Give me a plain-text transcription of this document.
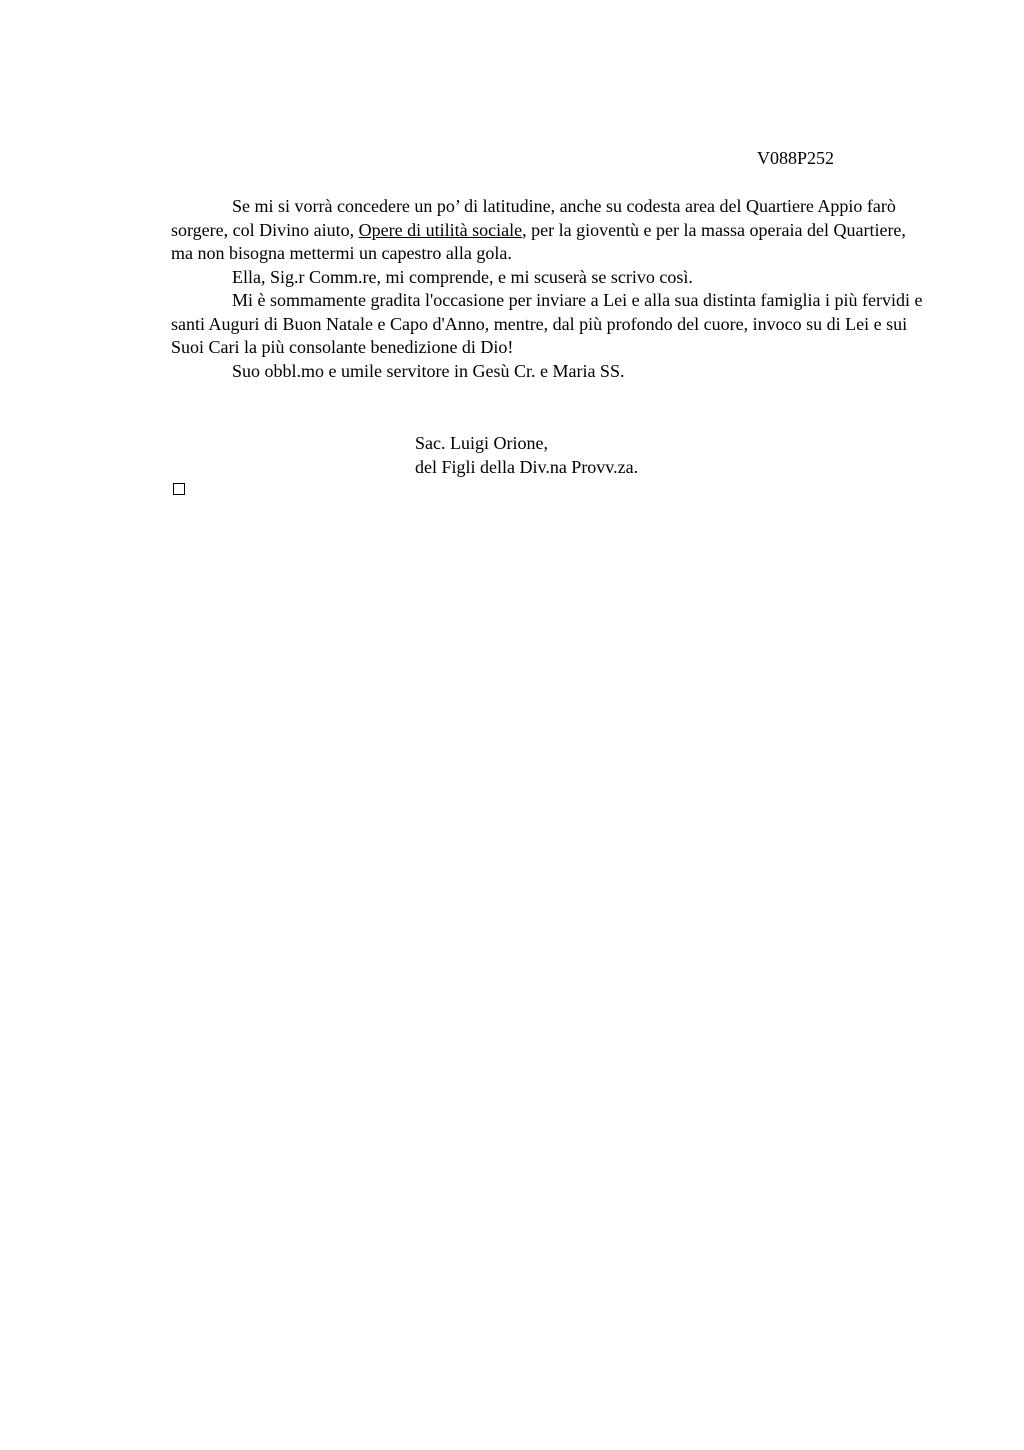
V088P252

Se mi si vorrà concedere un po’ di latitudine, anche su codesta area del Quartiere Appio farò sorgere, col Divino aiuto, Opere di utilità sociale, per la gioventù e per la massa operaia del Quartiere, ma non bisogna mettermi un capestro alla gola.

Ella, Sig.r Comm.re, mi comprende, e mi scuserà se scrivo così.

Mi è sommamente gradita l'occasione per inviare a Lei e alla sua distinta famiglia i più fervidi e santi Auguri di Buon Natale e Capo d'Anno, mentre, dal più profondo del cuore, invoco su di Lei e sui Suoi Cari la più consolante benedizione di Dio!

Suo obbl.mo e umile servitore in Gesù Cr. e Maria SS.

Sac. Luigi Orione,
del Figli della Div.na Provv.za.
